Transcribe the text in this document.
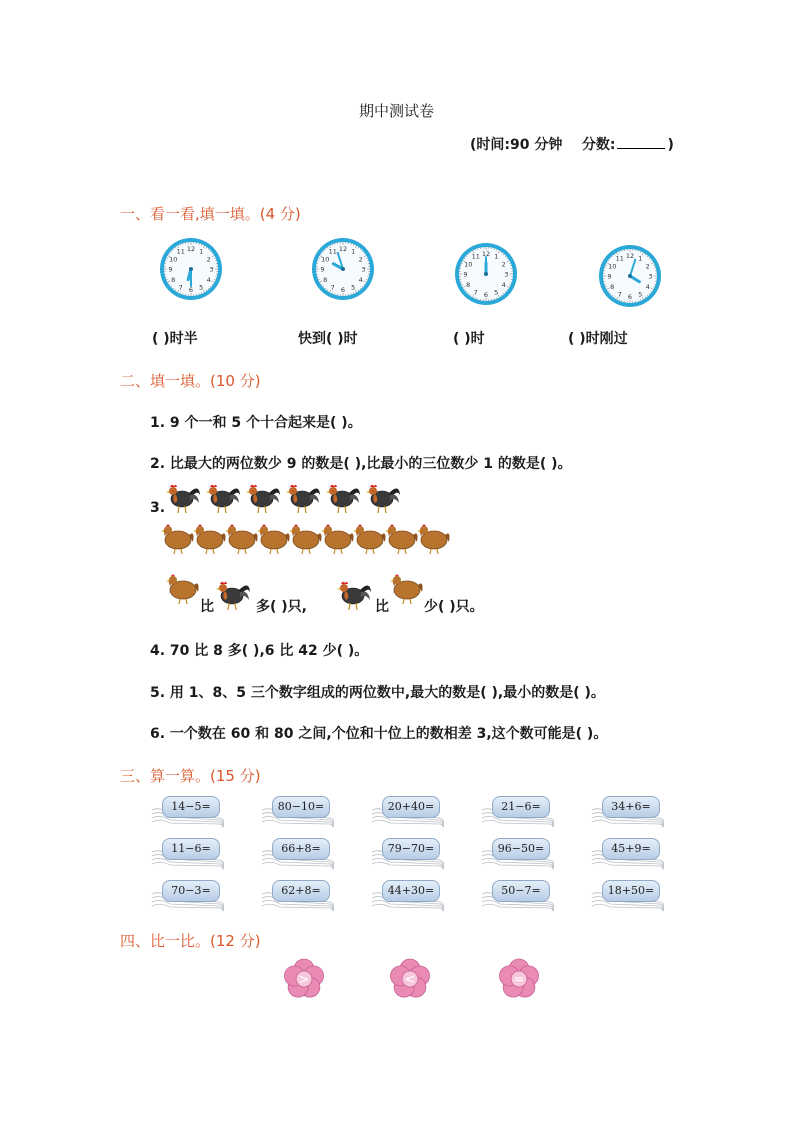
期中测试卷
(时间:90 分钟 分数:	)
一、看一看,填一填。(4 分)
1
2
3
4
5
6
7
8
9
10
11 12	1
2
3
4
5
6
7
8
9
10
11 12
1
2
3
4
5
6
7
8
9
10
11 12
1
2
3
4
5
6
7
8
9
10
11 12
( )时半	快到( )时	( )时	( )时刚过
二、填一填。(10 分)
1. 9 个一和 5 个十合起来是( )。
2. 比最大的两位数少 9 的数是( ),比最小的三位数少 1 的数是( )。
3.
比	多( )只,	比	少( )只。
4. 70 比 8 多( ),6 比 42 少( )。
5. 用 1、8、5 三个数字组成的两位数中,最大的数是( ),最小的数是( )。
6. 一个数在 60 和 80 之间,个位和十位上的数相差 3,这个数可能是( )。
三、算一算。(15 分)
14−5=	80−10=	20+40=	21−6=	34+6=
11−6=	66+8=	79−70=	96−50=	45+9=
70−3=	62+8=	44+30=	50−7=	18+50=
四、比一比。(12 分)
>	<	=
